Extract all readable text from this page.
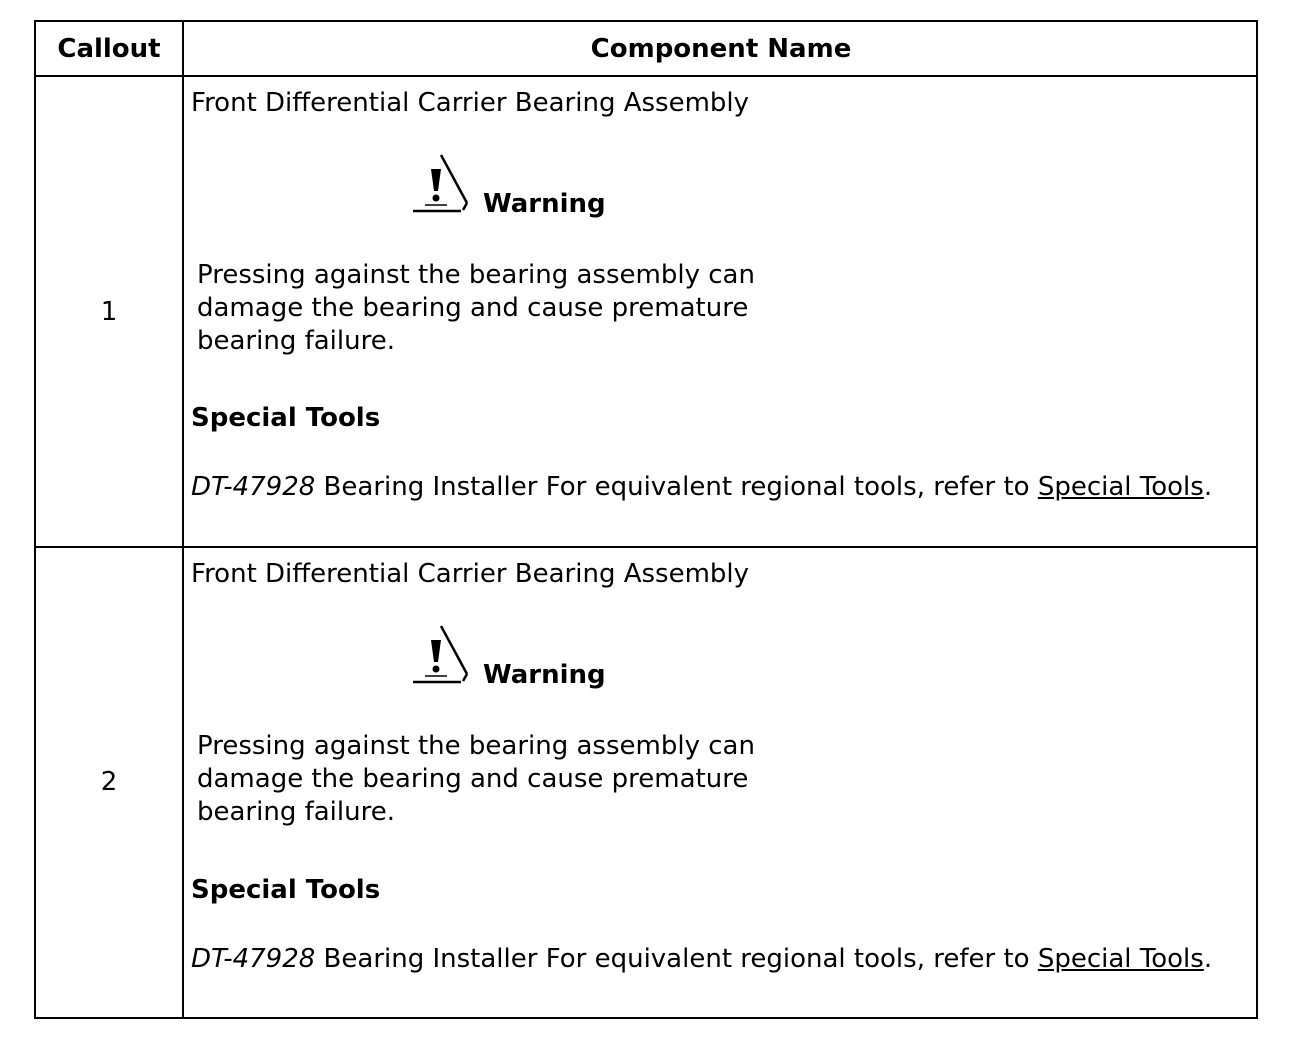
Callout	Component Name
1
Front Differential Carrier Bearing Assembly
Warning
Pressing against the bearing assembly can
damage the bearing and cause premature
bearing failure.
Special Tools
DT-47928 Bearing Installer For equivalent regional tools, refer to Special Tools.
2
Front Differential Carrier Bearing Assembly
Warning
Pressing against the bearing assembly can
damage the bearing and cause premature
bearing failure.
Special Tools
DT-47928 Bearing Installer For equivalent regional tools, refer to Special Tools.
